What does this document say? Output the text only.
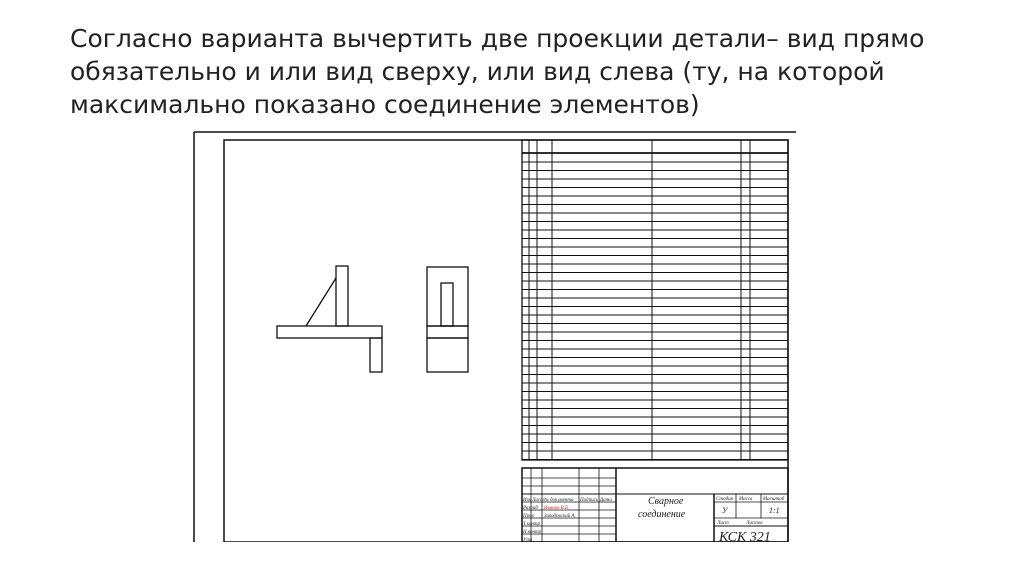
Согласно варианта вычертить две проекции детали– вид прямо обязательно и или вид сверху, или вид слева (ту, на которой максимально показано соединение элементов)
Изм Лист № документа Подпись Дата
Разраб
Пров
Т.контр
Н.контр
Утв
Иванов В.Б.
Заводовский А.
Сварное
соединение
Стадия Масса Масштаб
У	1:1
Лист	Листов
КСК 321
